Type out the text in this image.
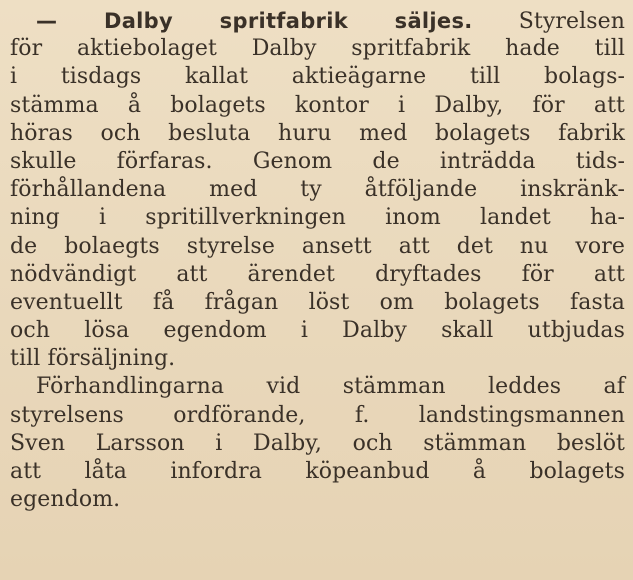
— Dalby spritfabrik säljes. Styrelsen
för aktiebolaget Dalby spritfabrik hade till
i tisdags kallat aktieägarne till bolags-
stämma å bolagets kontor i Dalby, för att
höras och besluta huru med bolagets fabrik
skulle förfaras. Genom de inträdda tids-
förhållandena med ty åtföljande inskränk-
ning i spritillverkningen inom landet ha-
de bolaegts styrelse ansett att det nu vore
nödvändigt att ärendet dryftades för att
eventuellt få frågan löst om bolagets fasta
och lösa egendom i Dalby skall utbjudas
till försäljning.
Förhandlingarna vid stämman leddes af
styrelsens ordförande, f. landstingsmannen
Sven Larsson i Dalby, och stämman beslöt
att låta infordra köpeanbud å bolagets
egendom.
